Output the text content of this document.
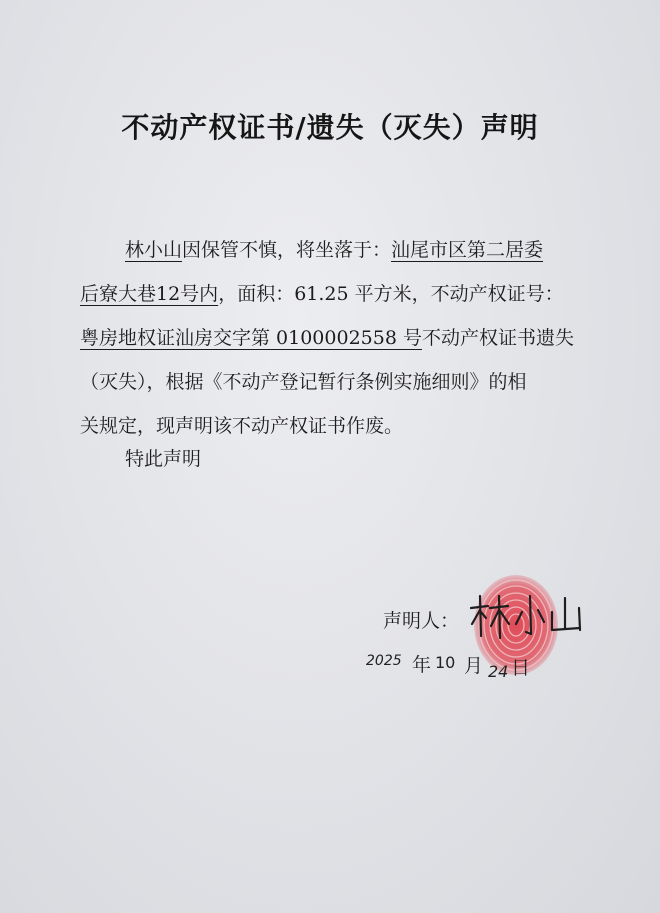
不动产权证书/遗失（灭失）声明
林小山因保管不慎，将坐落于：汕尾市区第二居委
后寮大巷12号内，面积：61.25 平方米，不动产权证号：
粤房地权证汕房交字第 0100002558 号不动产权证书遗失
（灭失），根据《不动产登记暂行条例实施细则》的相
关规定，现声明该不动产权证书作废。

特此声明

声明人：
2025 年 10 月 24 日
